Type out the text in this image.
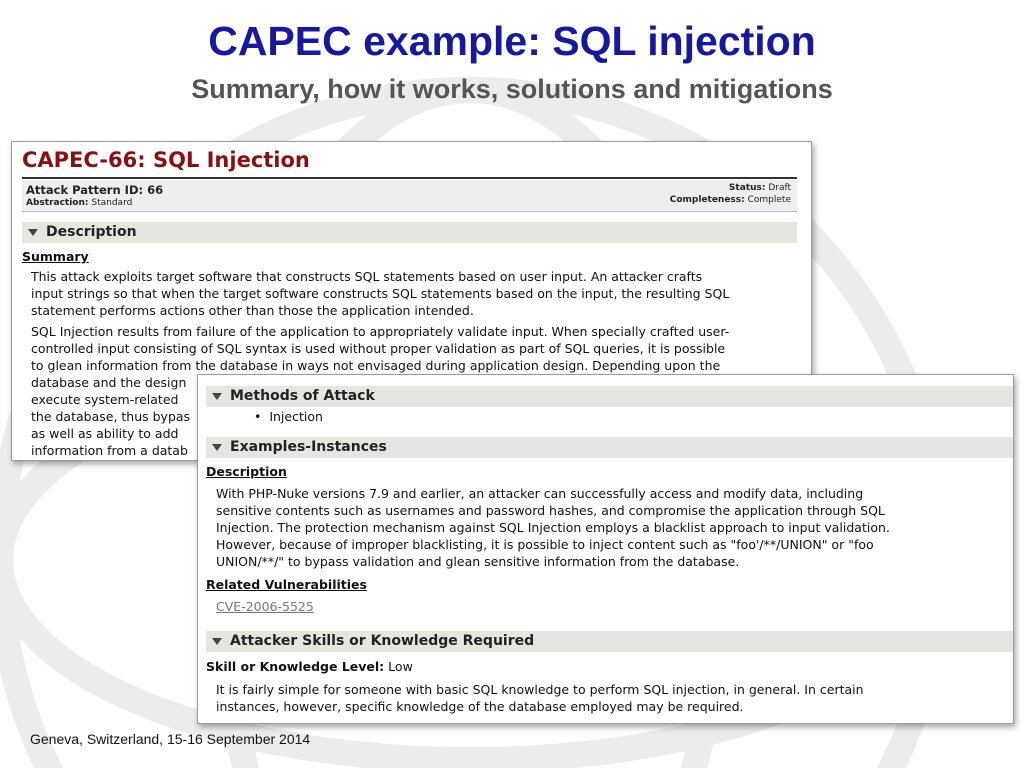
CAPEC example: SQL injection
Summary, how it works, solutions and mitigations
CAPEC-66: SQL Injection
Attack Pattern ID: 66
Abstraction: Standard
Status: Draft
Completeness: Complete
Description
Summary
This attack exploits target software that constructs SQL statements based on user input. An attacker crafts
input strings so that when the target software constructs SQL statements based on the input, the resulting SQL
statement performs actions other than those the application intended.
SQL Injection results from failure of the application to appropriately validate input. When specially crafted user-
controlled input consisting of SQL syntax is used without proper validation as part of SQL queries, it is possible
to glean information from the database in ways not envisaged during application design. Depending upon the
database and the design
execute system-related
the database, thus bypas
as well as ability to add
information from a datab
Methods of Attack
•  Injection
Examples-Instances
Description
With PHP-Nuke versions 7.9 and earlier, an attacker can successfully access and modify data, including
sensitive contents such as usernames and password hashes, and compromise the application through SQL
Injection. The protection mechanism against SQL Injection employs a blacklist approach to input validation.
However, because of improper blacklisting, it is possible to inject content such as "foo'/**/UNION" or "foo
UNION/**/" to bypass validation and glean sensitive information from the database.
Related Vulnerabilities
CVE-2006-5525
Attacker Skills or Knowledge Required
Skill or Knowledge Level: Low
It is fairly simple for someone with basic SQL knowledge to perform SQL injection, in general. In certain
instances, however, specific knowledge of the database employed may be required.
Geneva, Switzerland, 15-16 September 2014
